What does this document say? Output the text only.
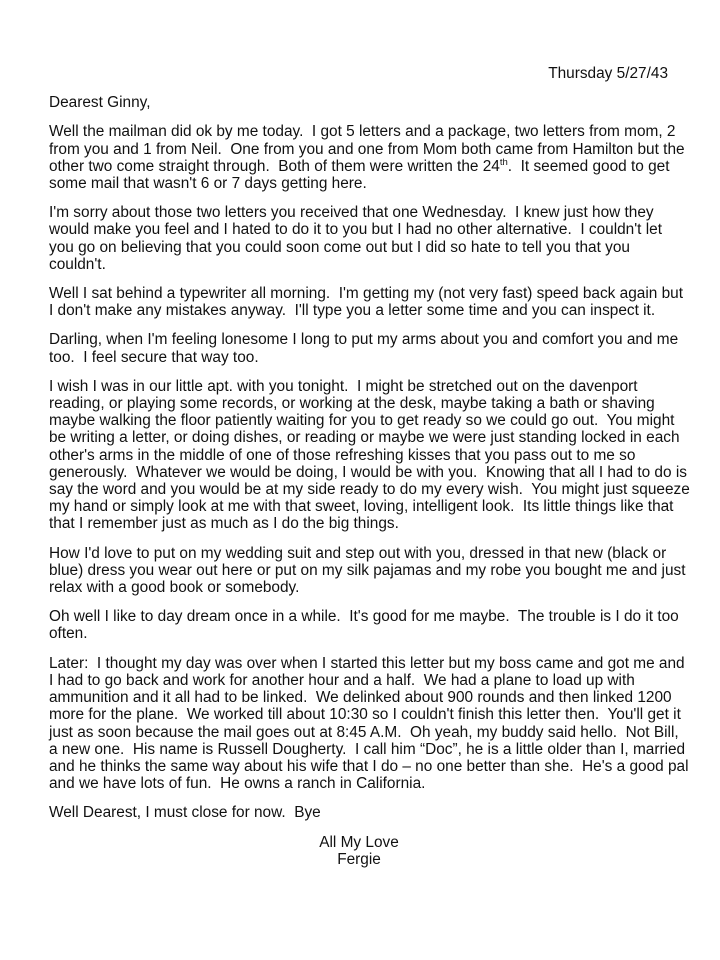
Thursday 5/27/43
Dearest Ginny,

Well the mailman did ok by me today.  I got 5 letters and a package, two letters from mom, 2 from you and 1 from Neil.  One from you and one from Mom both came from Hamilton but the other two come straight through.  Both of them were written the 24th.  It seemed good to get some mail that wasn't 6 or 7 days getting here.

I'm sorry about those two letters you received that one Wednesday.  I knew just how they would make you feel and I hated to do it to you but I had no other alternative.  I couldn't let you go on believing that you could soon come out but I did so hate to tell you that you couldn't.

Well I sat behind a typewriter all morning.  I'm getting my (not very fast) speed back again but I don't make any mistakes anyway.  I'll type you a letter some time and you can inspect it.

Darling, when I'm feeling lonesome I long to put my arms about you and comfort you and me too.  I feel secure that way too.

I wish I was in our little apt. with you tonight.  I might be stretched out on the davenport reading, or playing some records, or working at the desk, maybe taking a bath or shaving maybe walking the floor patiently waiting for you to get ready so we could go out.  You might be writing a letter, or doing dishes, or reading or maybe we were just standing locked in each other's arms in the middle of one of those refreshing kisses that you pass out to me so generously.  Whatever we would be doing, I would be with you.  Knowing that all I had to do is say the word and you would be at my side ready to do my every wish.  You might just squeeze my hand or simply look at me with that sweet, loving, intelligent look.  Its little things like that that I remember just as much as I do the big things.

How I'd love to put on my wedding suit and step out with you, dressed in that new (black or blue) dress you wear out here or put on my silk pajamas and my robe you bought me and just relax with a good book or somebody.

Oh well I like to day dream once in a while.  It's good for me maybe.  The trouble is I do it too often.

Later:  I thought my day was over when I started this letter but my boss came and got me and I had to go back and work for another hour and a half.  We had a plane to load up with ammunition and it all had to be linked.  We delinked about 900 rounds and then linked 1200 more for the plane.  We worked till about 10:30 so I couldn't finish this letter then.  You'll get it just as soon because the mail goes out at 8:45 A.M.  Oh yeah, my buddy said hello.  Not Bill, a new one.  His name is Russell Dougherty.  I call him “Doc”, he is a little older than I, married and he thinks the same way about his wife that I do – no one better than she.  He's a good pal and we have lots of fun.  He owns a ranch in California.

Well Dearest, I must close for now.  Bye
All My Love
Fergie
